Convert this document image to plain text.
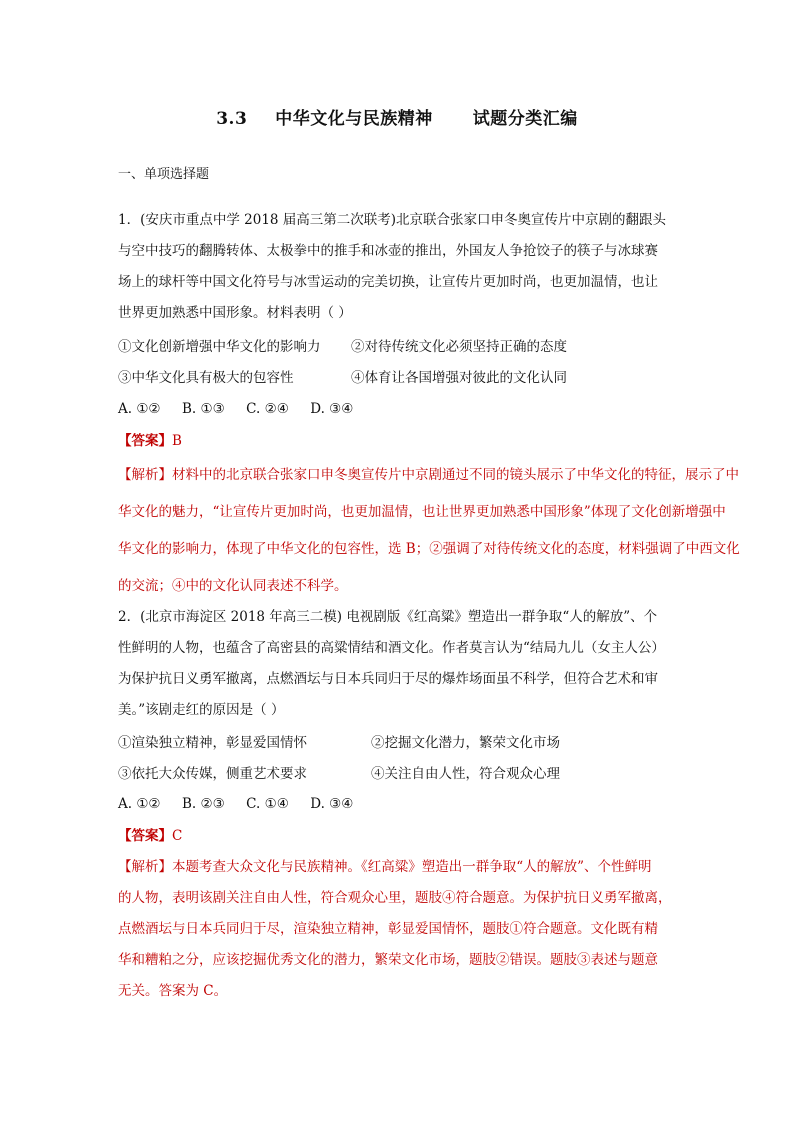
3.3 中华文化与民族精神 试题分类汇编
一、单项选择题
1．(安庆市重点中学 2018 届高三第二次联考)北京联合张家口申冬奥宣传片中京剧的翻跟头
与空中技巧的翻腾转体、太极拳中的推手和冰壶的推出，外国友人争抢饺子的筷子与冰球赛
场上的球杆等中国文化符号与冰雪运动的完美切换，让宣传片更加时尚，也更加温情，也让
世界更加熟悉中国形象。材料表明（ ）
①文化创新增强中华文化的影响力 ②对待传统文化必须坚持正确的态度
③中华文化具有极大的包容性	④体育让各国增强对彼此的文化认同
A. ①②     B. ①③     C. ②④     D. ③④
【答案】B
【解析】材料中的北京联合张家口申冬奥宣传片中京剧通过不同的镜头展示了中华文化的特征，展示了中
华文化的魅力，“让宣传片更加时尚，也更加温情，也让世界更加熟悉中国形象”体现了文化创新增强中
华文化的影响力，体现了中华文化的包容性，选 B；②强调了对待传统文化的态度，材料强调了中西文化
的交流；④中的文化认同表述不科学。
2．(北京市海淀区 2018 年高三二模) 电视剧版《红高粱》塑造出一群争取“人的解放”、个
性鲜明的人物，也蕴含了高密县的高粱情结和酒文化。作者莫言认为“结局九儿（女主人公）
为保护抗日义勇军撤离，点燃酒坛与日本兵同归于尽的爆炸场面虽不科学，但符合艺术和审
美。”该剧走红的原因是（ ）
①渲染独立精神，彰显爱国情怀	②挖掘文化潜力，繁荣文化市场
③依托大众传媒，侧重艺术要求	④关注自由人性，符合观众心理
A. ①②     B. ②③     C. ①④     D. ③④
【答案】C
【解析】本题考查大众文化与民族精神。《红高粱》塑造出一群争取“人的解放”、个性鲜明
的人物，表明该剧关注自由人性，符合观众心里，题肢④符合题意。为保护抗日义勇军撤离，
点燃酒坛与日本兵同归于尽，渲染独立精神，彰显爱国情怀，题肢①符合题意。文化既有精
华和糟粕之分，应该挖掘优秀文化的潜力，繁荣文化市场，题肢②错误。题肢③表述与题意
无关。答案为 C。
